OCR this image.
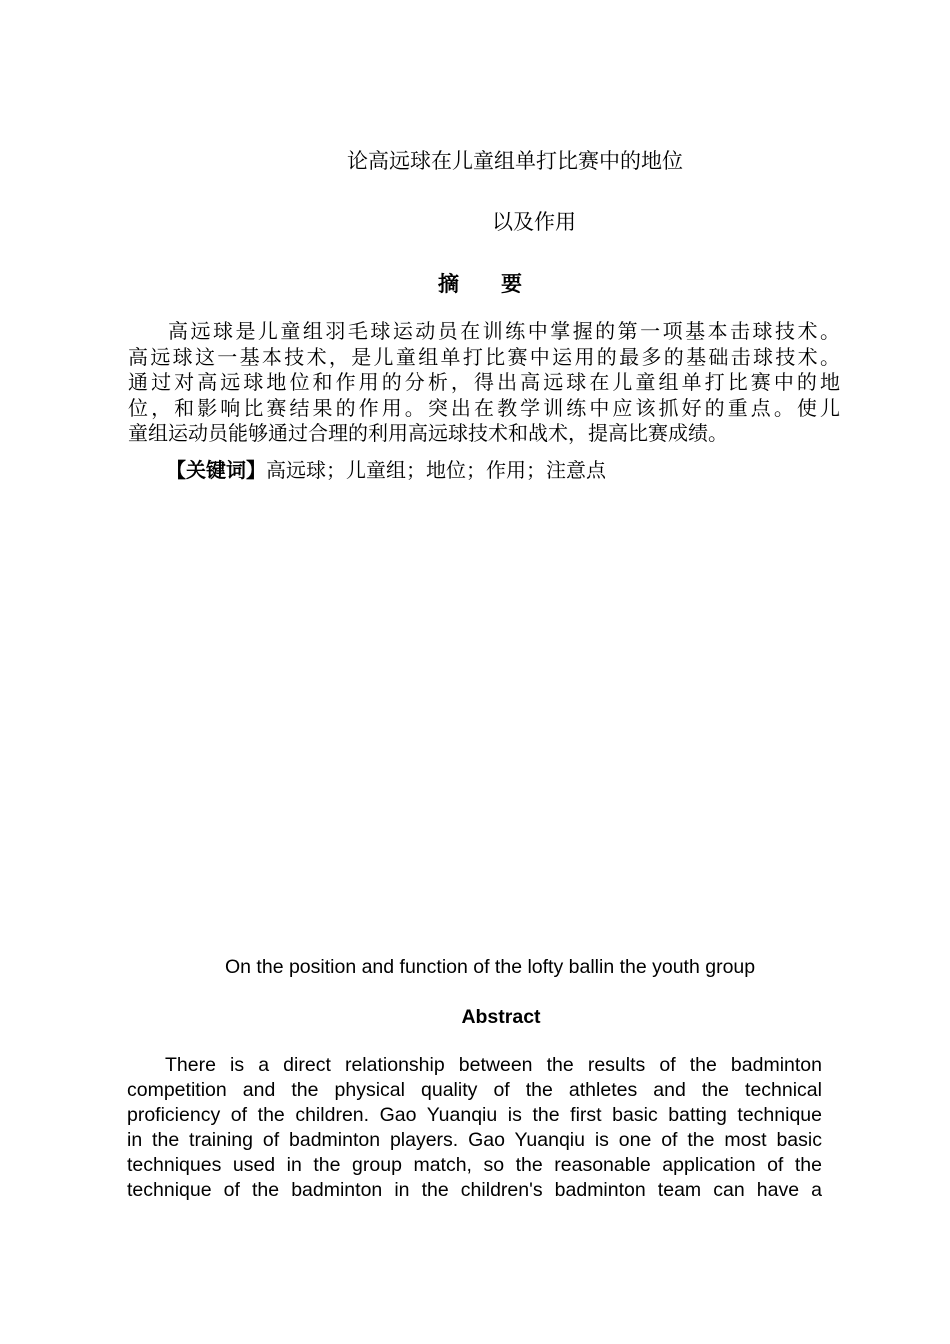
论高远球在儿童组单打比赛中的地位
以及作用
摘要
高远球是儿童组羽毛球运动员在训练中掌握的第一项基本击球技术。
高远球这一基本技术，是儿童组单打比赛中运用的最多的基础击球技术。
通过对高远球地位和作用的分析，得出高远球在儿童组单打比赛中的地
位，和影响比赛结果的作用。突出在教学训练中应该抓好的重点。使儿
童组运动员能够通过合理的利用高远球技术和战术，提高比赛成绩。
【关键词】高远球；儿童组；地位；作用；注意点
On the position and function of the lofty ballin the youth group
Abstract
There is a direct relationship between the results of the badminton
competition and the physical quality of the athletes and the technical
proficiency of the children. Gao Yuanqiu is the first basic batting technique
in the training of badminton players. Gao Yuanqiu is one of the most basic
techniques used in the group match, so the reasonable application of the
technique of the badminton in the children's badminton team can have a
